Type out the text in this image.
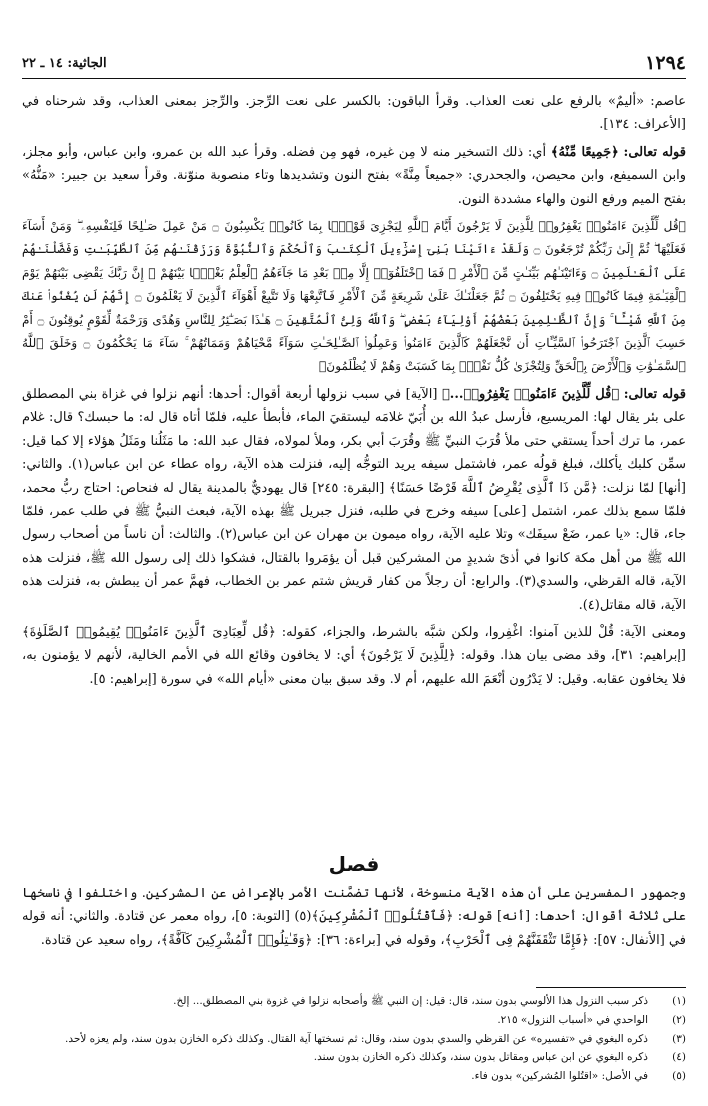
١٢٩٤
الجاثية: ١٤ ـ ٢٢

عاصم: «أليمٌ» بالرفع على نعت العذاب. وقرأ الباقون: بالكسر على نعت الرِّجز. والرِّجز بمعنى العذاب، وقد شرحناه في [الأعراف: ١٣٤].

قوله تعالى: ﴿جَمِيعًا مِّنْهُ﴾ أي: ذلك التسخير منه لا مِن غيره، فهو مِن فضله. وقرأ عبد الله بن عمرو، وابن عباس، وأبو مجلز، وابن السميفع، وابن محيصن، والجحدري: «جميعاً مِنَّةً» بفتح النون وتشديدها وتاء منصوبة منوّنة. وقرأ سعيد بن جبير: «مَنُّهُ» بفتح الميم ورفع النون والهاء مشددة النون.

﴿قُل لِّلَّذِينَ ءَامَنُوا۟ يَغْفِرُوا۟ لِلَّذِينَ لَا يَرْجُونَ أَيَّامَ ٱللَّهِ لِيَجْزِىَ قَوْمًۢا بِمَا كَانُوا۟ يَكْسِبُونَ ۝ مَنْ عَمِلَ صَـٰلِحًا فَلِنَفْسِهِۦ ۖ وَمَنْ أَسَآءَ فَعَلَيْهَا ۖ ثُمَّ إِلَىٰ رَبِّكُمْ تُرْجَعُونَ ۝ وَلَقَدْ ءَاتَيْنَا بَنِىٓ إِسْرَٰٓءِيلَ ٱلْكِتَـٰبَ وَٱلْحُكْمَ وَٱلنُّبُوَّةَ وَرَزَقْنَـٰهُم مِّنَ ٱلطَّيِّبَـٰتِ وَفَضَّلْنَـٰهُمْ عَلَى ٱلْعَـٰلَمِينَ ۝ وَءَاتَيْنَـٰهُم بَيِّنَـٰتٍ مِّنَ ٱلْأَمْرِ ۖ فَمَا ٱخْتَلَفُوٓا۟ إِلَّا مِنۢ بَعْدِ مَا جَآءَهُمُ ٱلْعِلْمُ بَغْيًۢا بَيْنَهُمْ ۚ إِنَّ رَبَّكَ يَقْضِى بَيْنَهُمْ يَوْمَ ٱلْقِيَـٰمَةِ فِيمَا كَانُوا۟ فِيهِ يَخْتَلِفُونَ ۝ ثُمَّ جَعَلْنَـٰكَ عَلَىٰ شَرِيعَةٍ مِّنَ ٱلْأَمْرِ فَٱتَّبِعْهَا وَلَا تَتَّبِعْ أَهْوَآءَ ٱلَّذِينَ لَا يَعْلَمُونَ ۝ إِنَّهُمْ لَن يُغْنُوا۟ عَنكَ مِنَ ٱللَّهِ شَيْـًٔا ۚ وَإِنَّ ٱلظَّـٰلِمِينَ بَعْضُهُمْ أَوْلِيَآءُ بَعْضٍ ۖ وَٱللَّهُ وَلِىُّ ٱلْمُتَّقِينَ ۝ هَـٰذَا بَصَـٰٓئِرُ لِلنَّاسِ وَهُدًى وَرَحْمَةٌ لِّقَوْمٍ يُوقِنُونَ ۝ أَمْ حَسِبَ ٱلَّذِينَ ٱجْتَرَحُوا۟ ٱلسَّيِّـَٔاتِ أَن نَّجْعَلَهُمْ كَٱلَّذِينَ ءَامَنُوا۟ وَعَمِلُوا۟ ٱلصَّـٰلِحَـٰتِ سَوَآءً مَّحْيَاهُمْ وَمَمَاتُهُمْ ۚ سَآءَ مَا يَحْكُمُونَ ۝ وَخَلَقَ ٱللَّهُ ٱلسَّمَـٰوَٰتِ وَٱلْأَرْضَ بِٱلْحَقِّ وَلِتُجْزَىٰ كُلُّ نَفْسٍۭ بِمَا كَسَبَتْ وَهُمْ لَا يُظْلَمُونَ﴾

قوله تعالى: ﴿قُل لِّلَّذِينَ ءَامَنُوا۟ يَغْفِرُوا۟...﴾ [الآية] في سبب نزولها أربعة أقوال: أحدها: أنهم نزلوا في غزاة بني المصطلق على بئر يقال لها: المريسيع، فأرسل عبدُ الله بن أُبَيّ غلامَه ليستقيَ الماء، فأبطأ عليه، فلمّا أتاه قال له: ما حبسك؟ قال: غلام عمر، ما ترك أحداً يستقي حتى ملأ قُرَبَ النبيِّ ﷺ وقُرَبَ أبي بكر، وملأ لمولاه، فقال عبد الله: ما مَثَلُنا ومَثَلُ هؤلاء إلا كما قيل: سمِّن كلبك يأكلك، فبلغ قولُه عمر، فاشتمل سيفه يريد التوجُّه إليه، فنزلت هذه الآية، رواه عطاء عن ابن عباس(١). والثاني: [أنها] لمّا نزلت: ﴿مَّن ذَا ٱلَّذِى يُقْرِضُ ٱللَّهَ قَرْضًا حَسَنًا﴾ [البقرة: ٢٤٥] قال يهوديٌّ بالمدينة يقال له فنحاص: احتاج ربُّ محمد، فلمّا سمع بذلك عمر، اشتمل [على] سيفه وخرج في طلبه، فنزل جبريل ﷺ بهذه الآية، فبعث النبيُّ ﷺ في طلب عمر، فلمّا جاء، قال: «يا عمر، ضَعْ سيفَك» وتلا عليه الآية، رواه ميمون بن مهران عن ابن عباس(٢). والثالث: أن ناساً من أصحاب رسول الله ﷺ من أهل مكة كانوا في أذىً شديدٍ من المشركين قبل أن يؤمَروا بالقتال، فشكوا ذلك إلى رسول الله ﷺ، فنزلت هذه الآية، قاله القرظي، والسدي(٣). والرابع: أن رجلاً من كفار قريش شتم عمر بن الخطاب، فهمَّ عمر أن يبطش به، فنزلت هذه الآية، قاله مقاتل(٤).

ومعنى الآية: قُلْ للذين آمنوا: اغْفِروا، ولكن شبَّه بالشرط، والجزاء، كقوله: ﴿قُل لِّعِبَادِىَ ٱلَّذِينَ ءَامَنُوا۟ يُقِيمُوا۟ ٱلصَّلَوٰةَ﴾ [إبراهيم: ٣١]، وقد مضى بيان هذا. وقوله: ﴿لِلَّذِينَ لَا يَرْجُونَ﴾ أي: لا يخافون وقائع الله في الأمم الخالية، لأنهم لا يؤمنون به، فلا يخافون عقابه. وقيل: لا يَدْرُون أنْعَمَ الله عليهم، أم لا. وقد سبق بيان معنى «أيام الله» في سورة [إبراهيم: ٥].

فصل

وجمهور المفسرين على أن هذه الآية منسوخة، لأنها تضمَّنت الأمر بالإعراض عن المشركين. واختلفوا في ناسخها على ثلاثة أقوال: أحدها: [أنه] قوله: ﴿فَٱقْتُلُوا۟ ٱلْمُشْرِكِينَ﴾(٥) [التوبة: ٥]، رواه معمر عن قتادة. والثاني: أنه قوله في [الأنفال: ٥٧]: ﴿فَإِمَّا تَثْقَفَنَّهُمْ فِى ٱلْحَرْبِ﴾، وقوله في [براءة: ٣٦]: ﴿وَقَـٰتِلُوا۟ ٱلْمُشْرِكِينَ كَآفَّةً﴾، رواه سعيد عن قتادة.

(١)
ذكر سبب النزول هذا الألوسي بدون سند، قال: قيل: إن النبي ﷺ وأصحابه نزلوا في غزوة بني المصطلق... إلخ.
(٢)
الواحدي في «أسباب النزول» ٢١٥.
(٣)
ذكره البغوي في «تفسيره» عن القرظي والسدي بدون سند، وقال: ثم نسختها آية القتال. وكذلك ذكره الخازن بدون سند، ولم يعزه لأحد.
(٤)
ذكره البغوي عن ابن عباس ومقاتل بدون سند، وكذلك ذكره الخازن بدون سند.
(٥)
في الأصل: «اقتُلوا المُشركين» بدون فاء.
